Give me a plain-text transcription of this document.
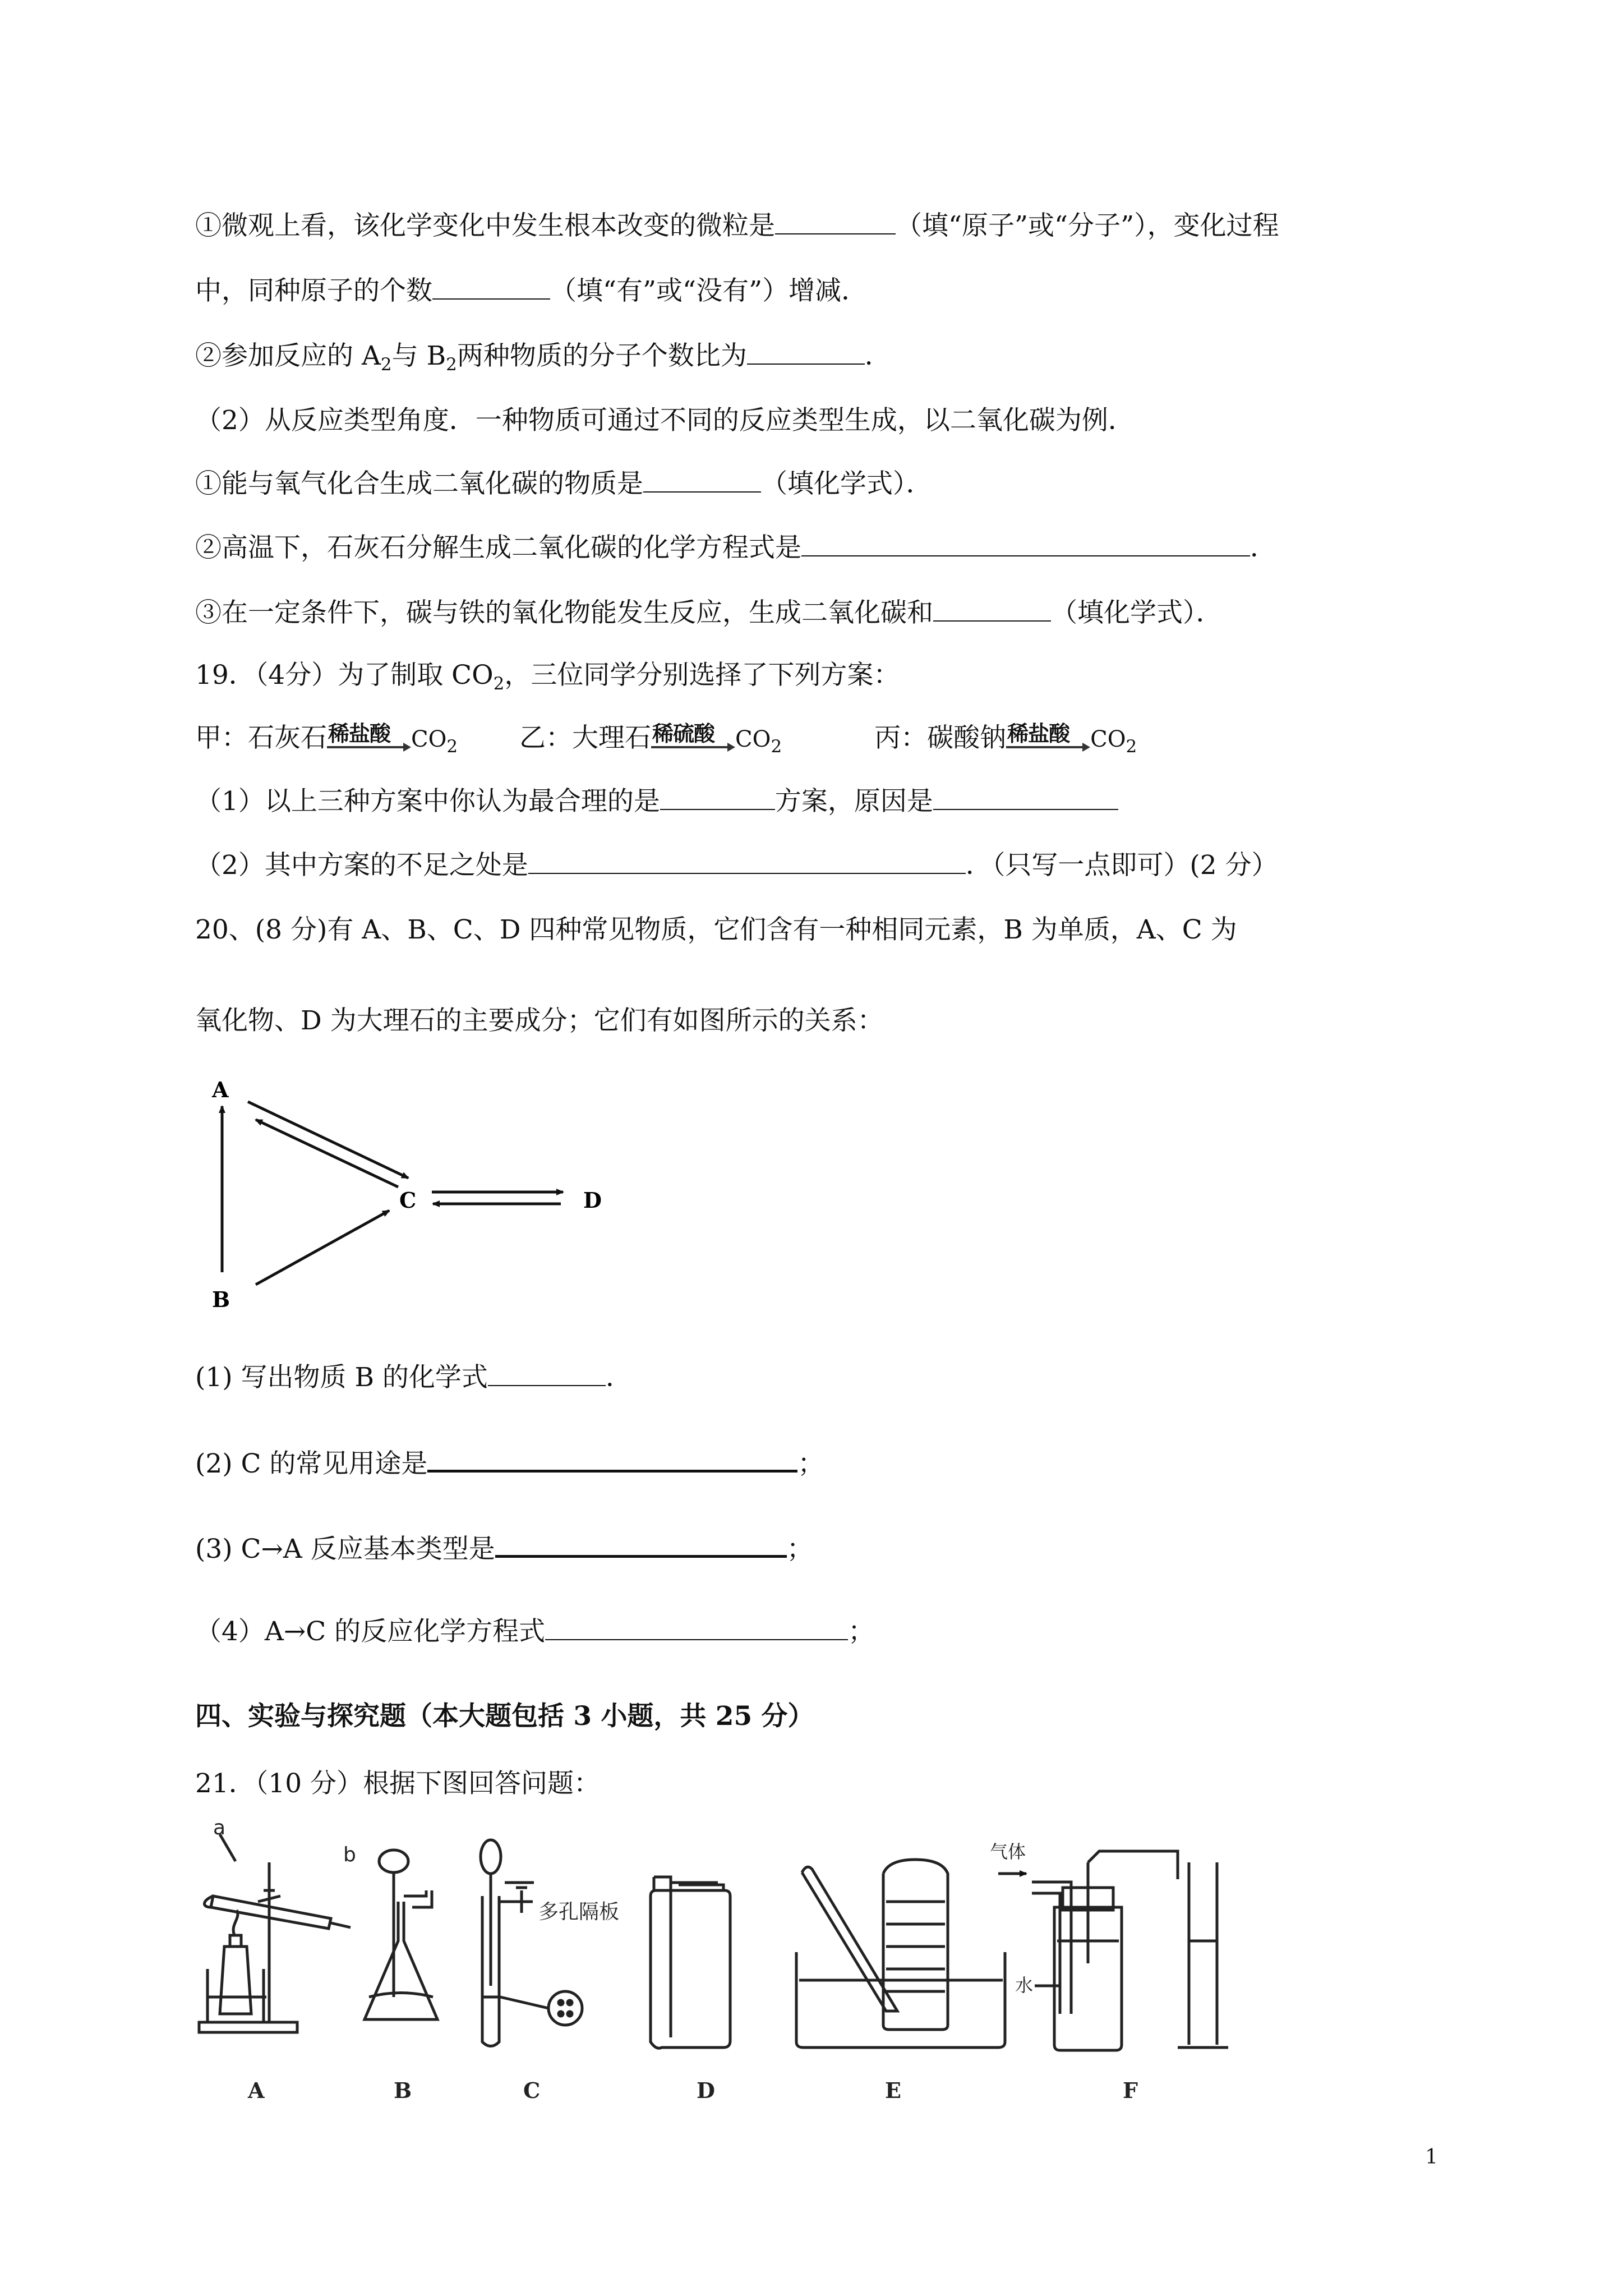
①微观上看，该化学变化中发生根本改变的微粒是	（填“原子”或“分子”），变化过程
中，同种原子的个数	（填“有”或“没有”）增减．
②参加反应的 $A_2$与 $B_2$两种物质的分子个数比为	．
（2）从反应类型角度．一种物质可通过不同的反应类型生成，以二氧化碳为例．
①能与氧气化合生成二氧化碳的物质是	（填化学式）．
②高温下，石灰石分解生成二氧化碳的化学方程式是	．
③在一定条件下，碳与铁的氧化物能发生反应，生成二氧化碳和	（填化学式）．
19．（4分）为了制取 $CO_2$，三位同学分别选择了下列方案：
甲：石灰石 稀盐酸 $CO_2$ 乙：大理石 稀硫酸 $CO_2$	丙：碳酸钠 稀盐酸 $CO_2$
（1）以上三种方案中你认为最合理的是	方案，原因是
（2）其中方案的不足之处是	．（只写一点即可）(2 分）
20、(8 分)有 A、B、C、D 四种常见物质，它们含有一种相同元素，B 为单质，A、C 为
氧化物、D 为大理石的主要成分；它们有如图所示的关系：
A
B
C	D
(1) 写出物质 B 的化学式	．
(2) C 的常见用途是	；
(3) C→A 反应基本类型是	；
（4）A→C 的反应化学方程式	；
四、实验与探究题（本大题包括 3 小题，共 25 分）
21．（10 分）根据下图回答问题：
a
b
多孔隔板
气体
水
A	B	C	D	E	F
1
